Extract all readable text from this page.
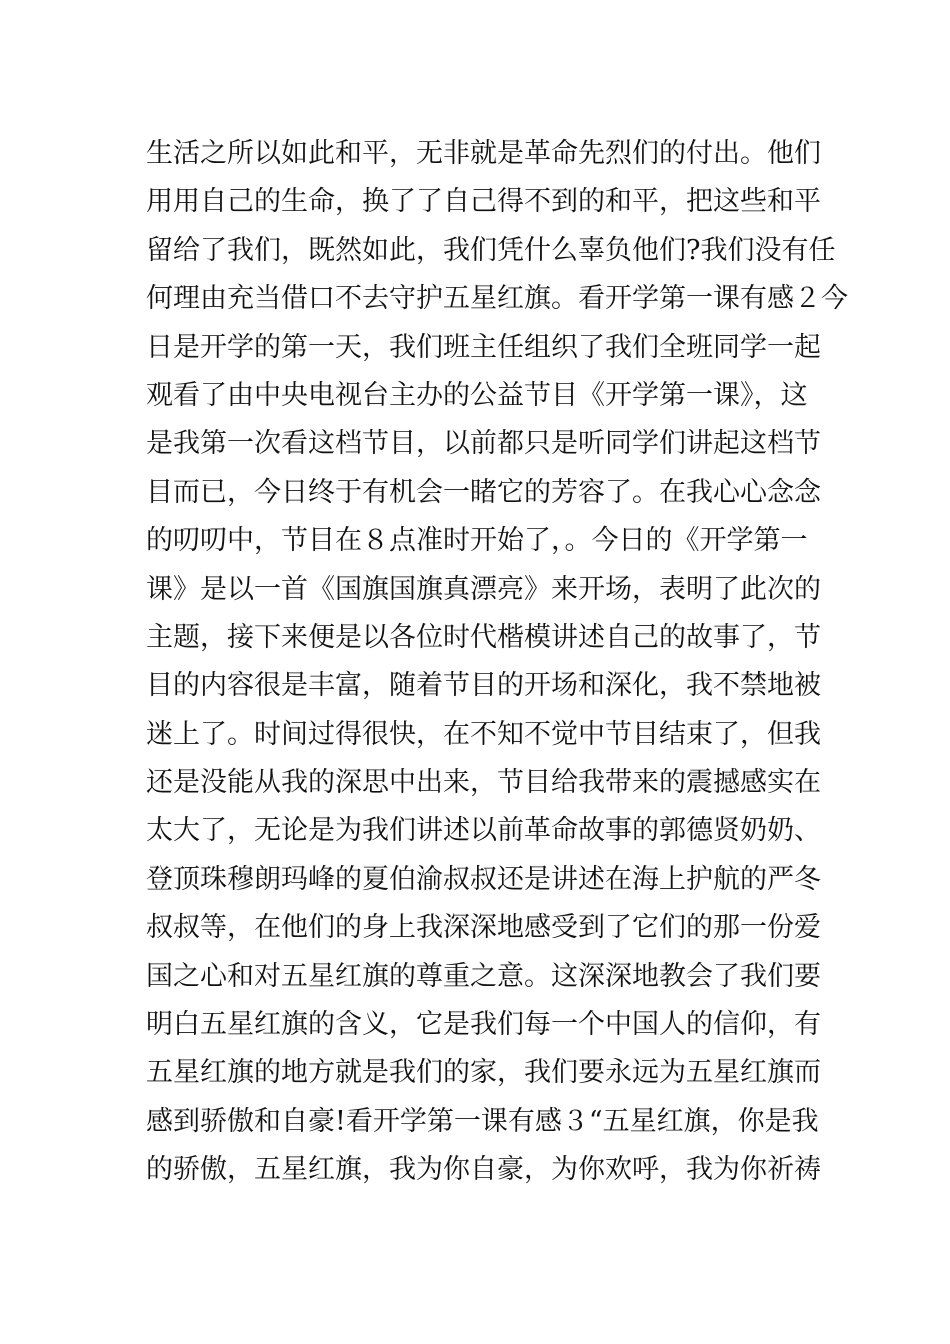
生活之所以如此和平，无非就是革命先烈们的付出。他们
用用自己的生命，换了了自己得不到的和平，把这些和平
留给了我们，既然如此，我们凭什么辜负他们?我们没有任
何理由充当借口不去守护五星红旗。看开学第一课有感２今
日是开学的第一天，我们班主任组织了我们全班同学一起
观看了由中央电视台主办的公益节目《开学第一课》，这
是我第一次看这档节目，以前都只是听同学们讲起这档节
目而已，今日终于有机会一睹它的芳容了。在我心心念念
的叨叨中，节目在８点准时开始了，。今日的《开学第一
课》是以一首《国旗国旗真漂亮》来开场，表明了此次的
主题，接下来便是以各位时代楷模讲述自己的故事了，节
目的内容很是丰富，随着节目的开场和深化，我不禁地被
迷上了。时间过得很快，在不知不觉中节目结束了，但我
还是没能从我的深思中出来，节目给我带来的震撼感实在
太大了，无论是为我们讲述以前革命故事的郭德贤奶奶、
登顶珠穆朗玛峰的夏伯渝叔叔还是讲述在海上护航的严冬
叔叔等，在他们的身上我深深地感受到了它们的那一份爱
国之心和对五星红旗的尊重之意。这深深地教会了我们要
明白五星红旗的含义，它是我们每一个中国人的信仰，有
五星红旗的地方就是我们的家，我们要永远为五星红旗而
感到骄傲和自豪!看开学第一课有感３“五星红旗，你是我
的骄傲，五星红旗，我为你自豪，为你欢呼，我为你祈祷
